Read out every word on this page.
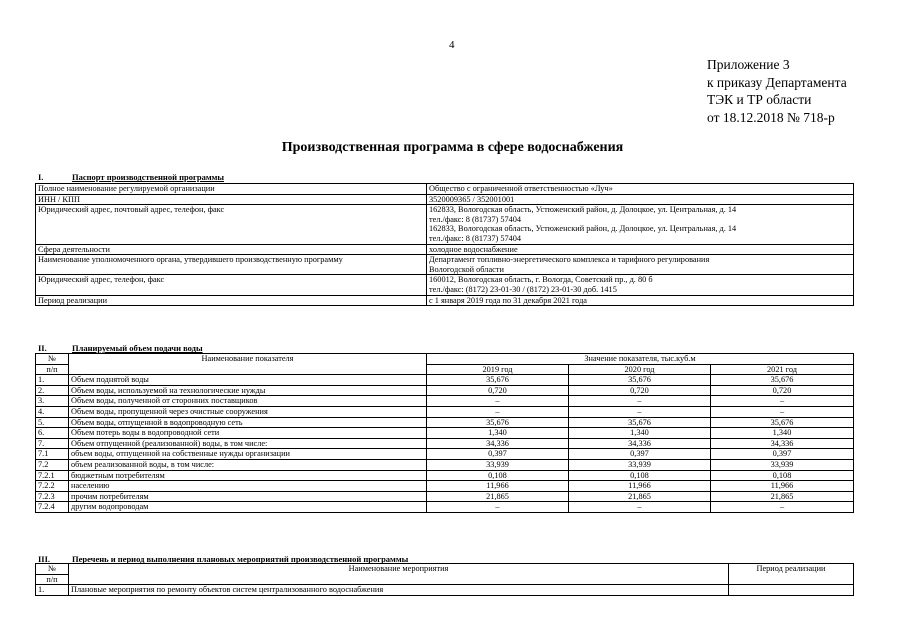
4
Приложение 3
к приказу Департамента
ТЭК и ТР области
от 18.12.2018 № 718-р
Производственная программа в сфере водоснабжения
I.	Паспорт производственной программы
Полное наименование регулируемой организации	Общество с ограниченной ответственностью «Луч»

ИНН / КПП	3520009365 / 352001001

Юридический адрес, почтовый адрес, телефон, факс	162833, Вологодская область, Устюженский район, д. Долоцкое, ул. Центральная, д. 14
тел./факс: 8 (81737) 57404
162833, Вологодская область, Устюженский район, д. Долоцкое, ул. Центральная, д. 14
тел./факс: 8 (81737) 57404

Сфера деятельности	холодное водоснабжение

Наименование уполномоченного органа, утвердившего производственную программу	Департамент топливно-энергетического комплекса и тарифного регулирования
Вологодской области

Юридический адрес, телефон, факс	160012, Вологодская область, г. Вологда, Советский пр., д. 80 б
тел./факс: (8172) 23-01-30 / (8172) 23-01-30 доб. 1415

Период реализации	с 1 января 2019 года по 31 декабря 2021 года
II.	Планируемый объем подачи воды
№	Наименование показателя	Значение показателя, тыс.куб.м		
п/п		2019 год	2020 год	2021 год
1.	Объем поднятой воды	35,676	35,676	35,676
2.	Объем воды, используемой на технологические нужды	0,720	0,720	0,720
3.	Объем воды, полученной от сторонних поставщиков	–	–	–
4.	Объем воды, пропущенной через очистные сооружения	–	–	–
5.	Объем воды, отпущенной в водопроводную сеть	35,676	35,676	35,676
6.	Объем потерь воды в водопроводной сети	1,340	1,340	1,340
7.	Объем отпущенной (реализованной) воды, в том числе:	34,336	34,336	34,336
7.1	объем воды, отпущенной на собственные нужды организации	0,397	0,397	0,397
7.2	объем реализованной воды, в том числе:	33,939	33,939	33,939
7.2.1	бюджетным потребителям	0,108	0,108	0,108
7.2.2	населению	11,966	11,966	11,966
7.2.3	прочим потребителям	21,865	21,865	21,865
7.2.4	другим водопроводам	–	–	–
III.	Перечень и период выполнения плановых мероприятий производственной программы
№	Наименование мероприятия	Период реализации
п/п		
1.	Плановые мероприятия по ремонту объектов систем централизованного водоснабжения	
